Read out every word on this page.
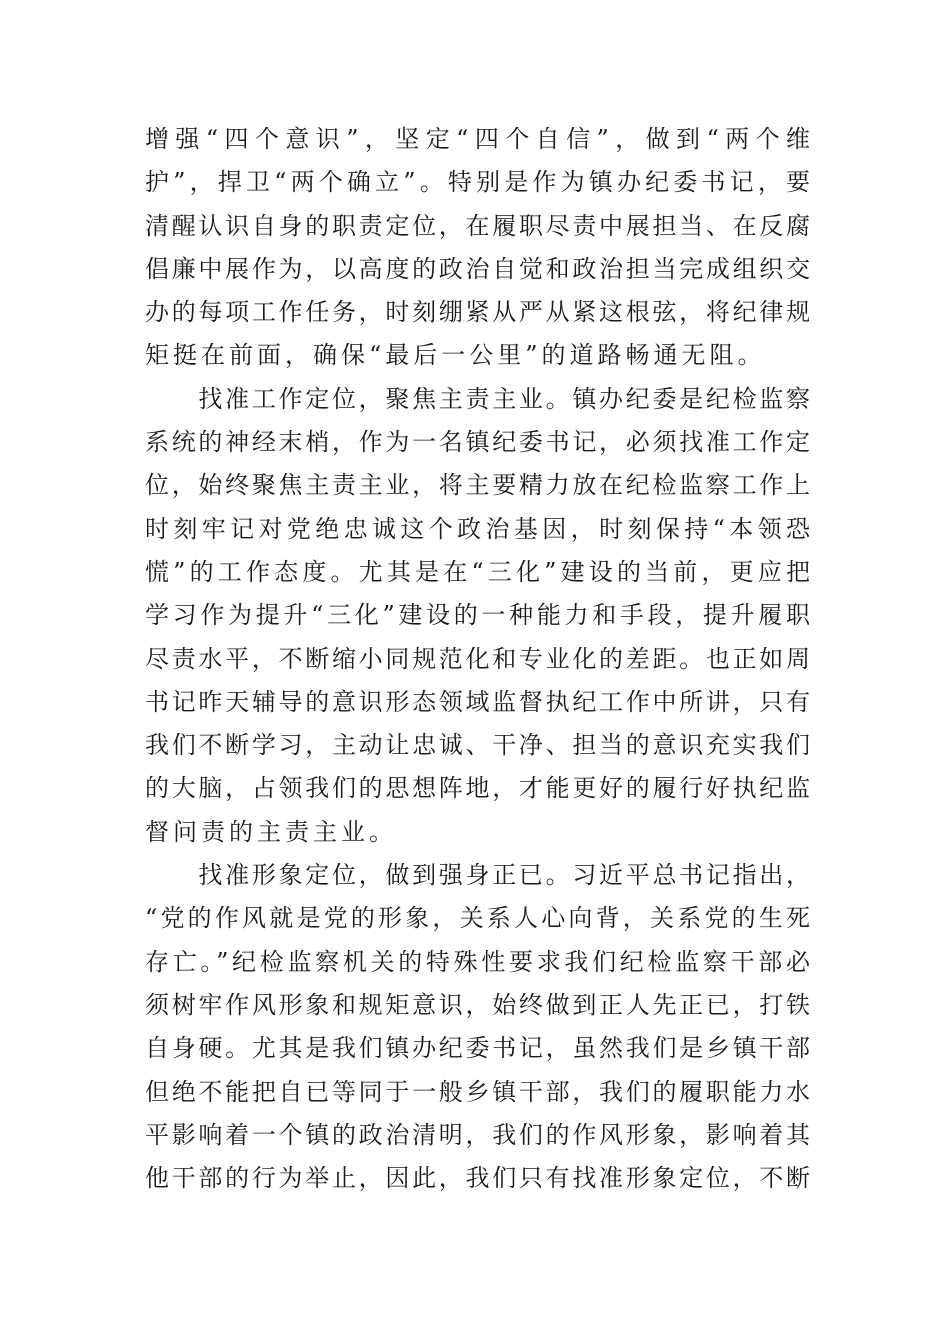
增强“四个意识”，坚定“四个自信”，做到“两个维
护”，捍卫“两个确立”。特别是作为镇办纪委书记，要
清醒认识自身的职责定位，在履职尽责中展担当、在反腐
倡廉中展作为，以高度的政治自觉和政治担当完成组织交
办的每项工作任务，时刻绷紧从严从紧这根弦，将纪律规
矩挺在前面，确保“最后一公里”的道路畅通无阻。
　　找准工作定位，聚焦主责主业。镇办纪委是纪检监察
系统的神经末梢，作为一名镇纪委书记，必须找准工作定
位，始终聚焦主责主业，将主要精力放在纪检监察工作上
时刻牢记对党绝忠诚这个政治基因，时刻保持“本领恐
慌”的工作态度。尤其是在“三化”建设的当前，更应把
学习作为提升“三化”建设的一种能力和手段，提升履职
尽责水平，不断缩小同规范化和专业化的差距。也正如周
书记昨天辅导的意识形态领域监督执纪工作中所讲，只有
我们不断学习，主动让忠诚、干净、担当的意识充实我们
的大脑，占领我们的思想阵地，才能更好的履行好执纪监
督问责的主责主业。
　　找准形象定位，做到强身正已。习近平总书记指出，
“党的作风就是党的形象，关系人心向背，关系党的生死
存亡。”纪检监察机关的特殊性要求我们纪检监察干部必
须树牢作风形象和规矩意识，始终做到正人先正已，打铁
自身硬。尤其是我们镇办纪委书记，虽然我们是乡镇干部
但绝不能把自已等同于一般乡镇干部，我们的履职能力水
平影响着一个镇的政治清明，我们的作风形象，影响着其
他干部的行为举止，因此，我们只有找准形象定位，不断
